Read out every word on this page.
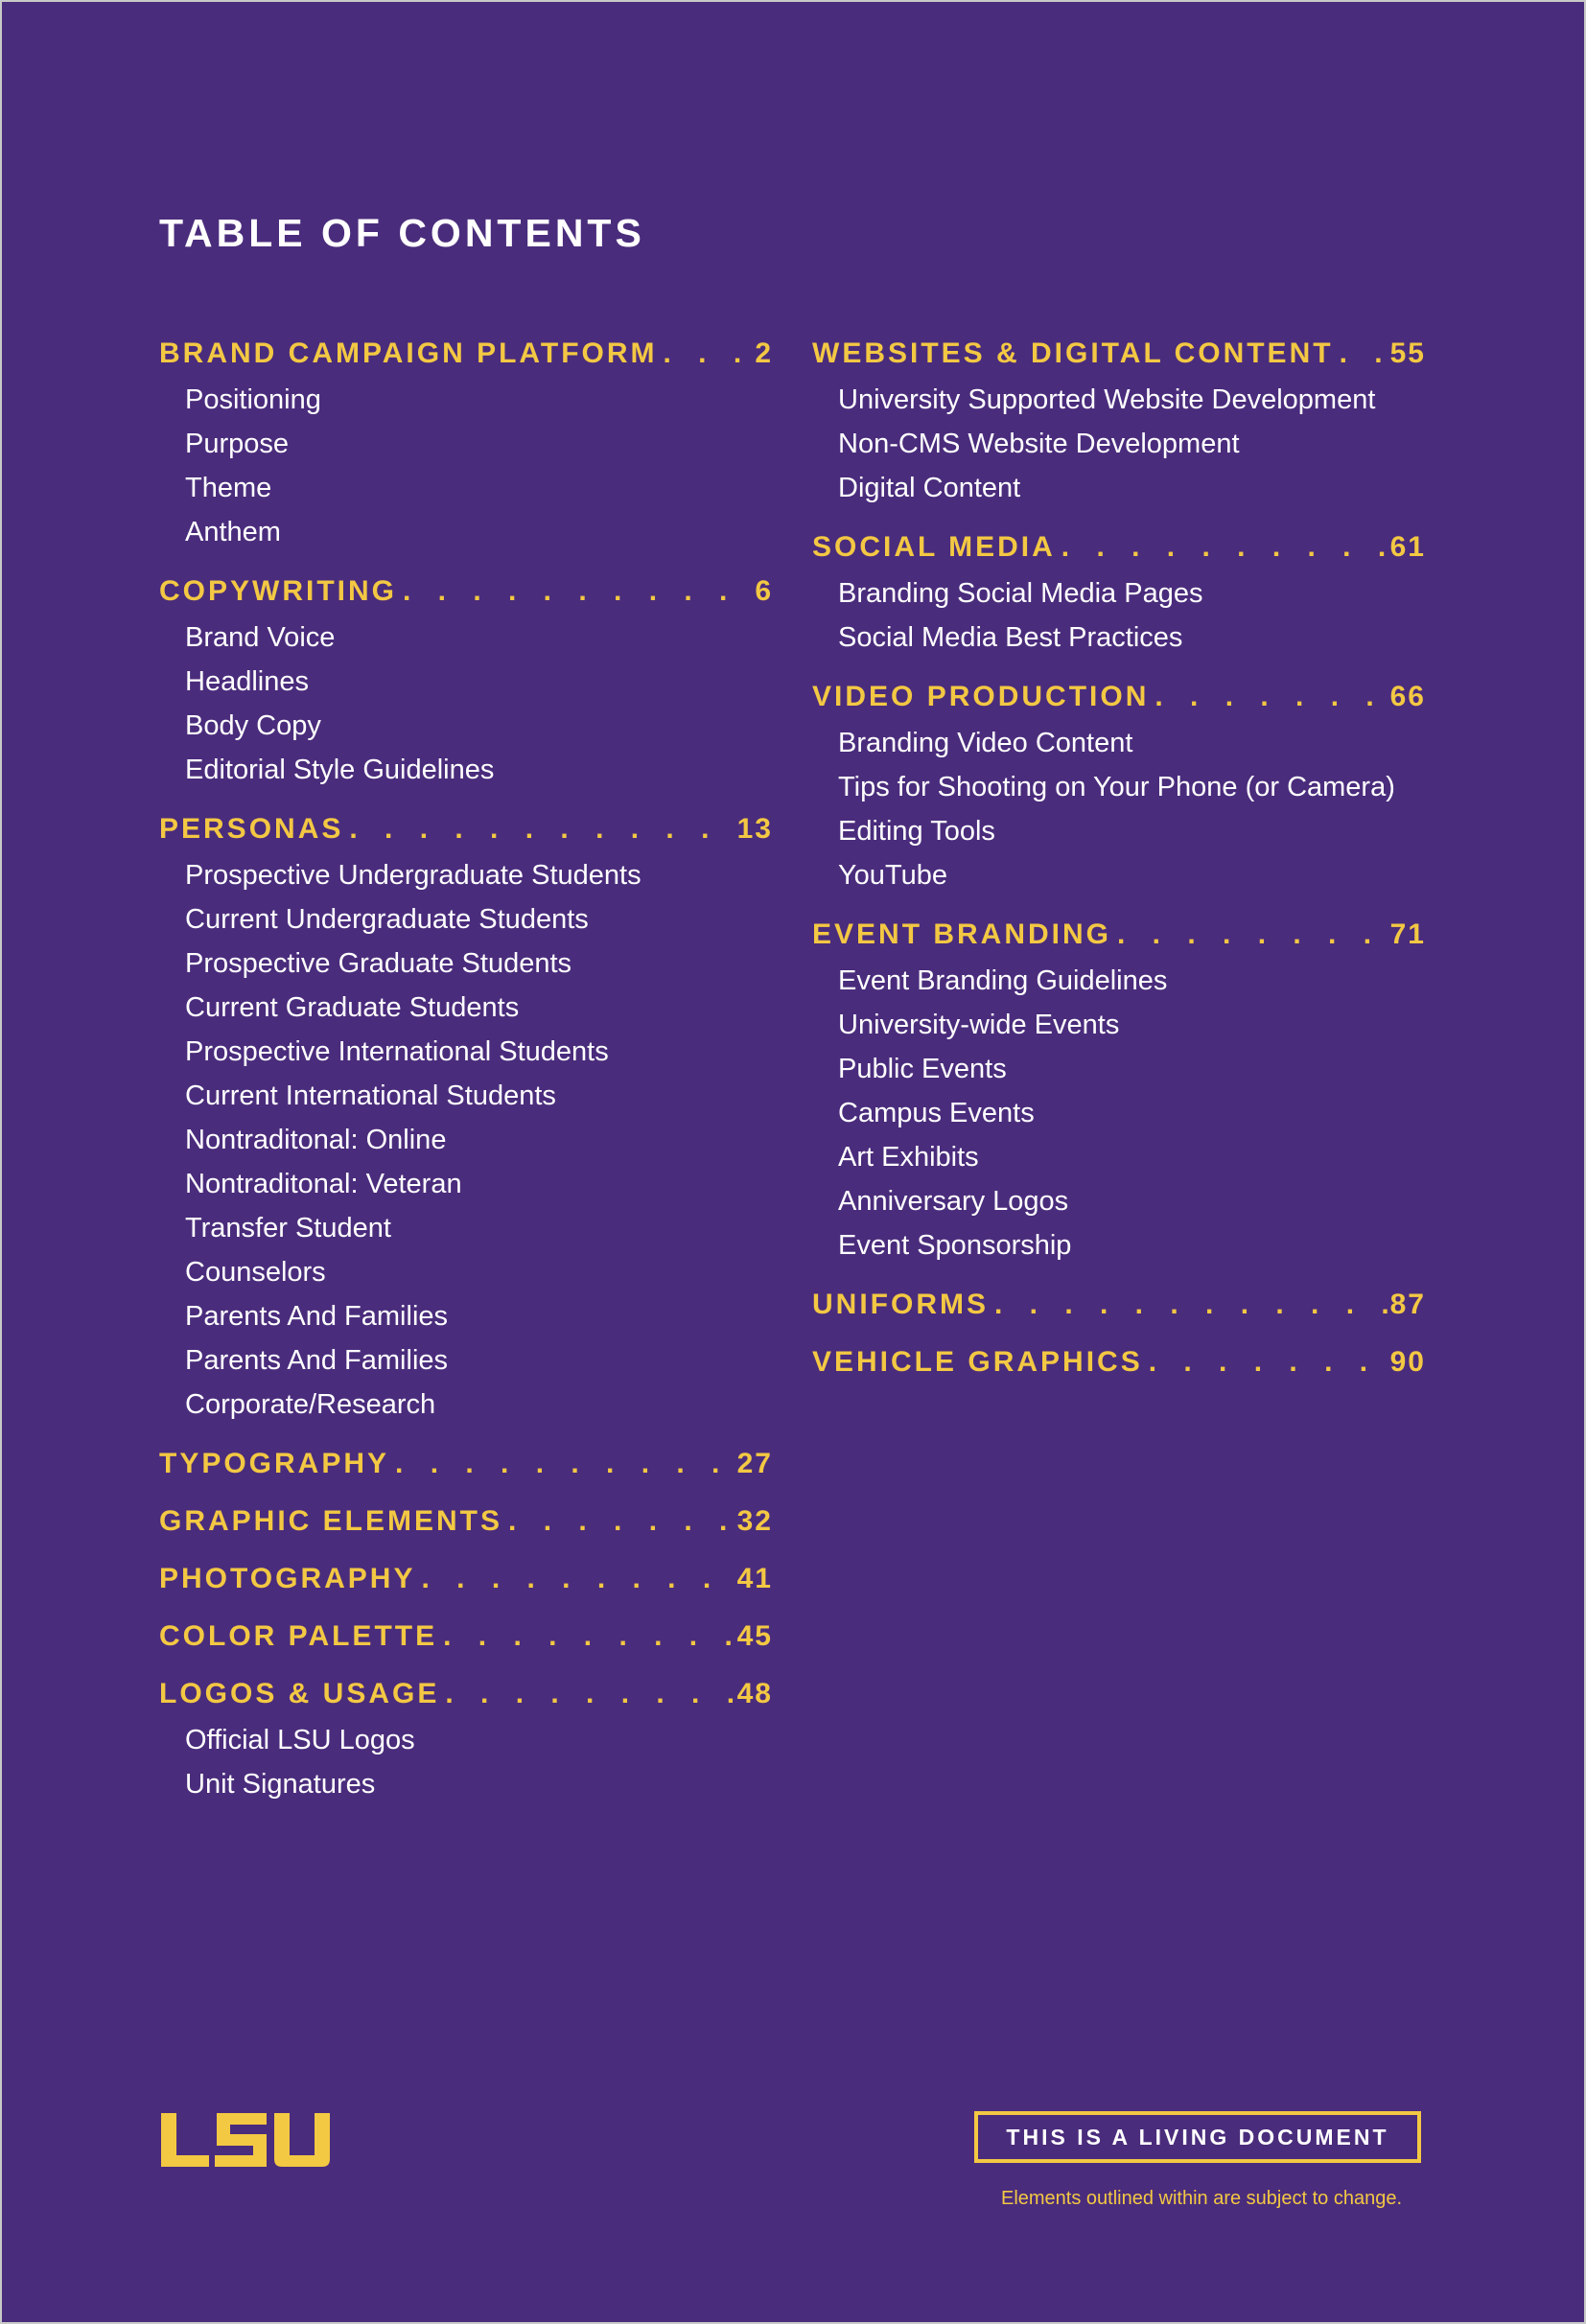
TABLE OF CONTENTS
BRAND CAMPAIGN PLATFORM . . .	2
Positioning
Purpose
Theme
Anthem
COPYWRITING . . .	6
Brand Voice
Headlines
Body Copy
Editorial Style Guidelines
PERSONAS . . .	13
Prospective Undergraduate Students
Current Undergraduate Students
Prospective Graduate Students
Current Graduate Students
Prospective International Students
Current International Students
Nontraditonal: Online
Nontraditonal: Veteran
Transfer Student
Counselors
Parents And Families
Parents And Families
Corporate/Research
TYPOGRAPHY . . .	27
GRAPHIC ELEMENTS . . .	32
PHOTOGRAPHY . . .	41
COLOR PALETTE . . .	45
LOGOS & USAGE . . .	48
Official LSU Logos
Unit Signatures
WEBSITES & DIGITAL CONTENT . . . 55
University Supported Website Development
Non-CMS Website Development
Digital Content
SOCIAL MEDIA . . .	61
Branding Social Media Pages
Social Media Best Practices
VIDEO PRODUCTION . . .	66
Branding Video Content
Tips for Shooting on Your Phone (or Camera)
Editing Tools
YouTube
EVENT BRANDING . . .	71
Event Branding Guidelines
University-wide Events
Public Events
Campus Events
Art Exhibits
Anniversary Logos
Event Sponsorship
UNIFORMS . . .	87
VEHICLE GRAPHICS . . .	90
THIS IS A LIVING DOCUMENT
Elements outlined within are subject to change.
